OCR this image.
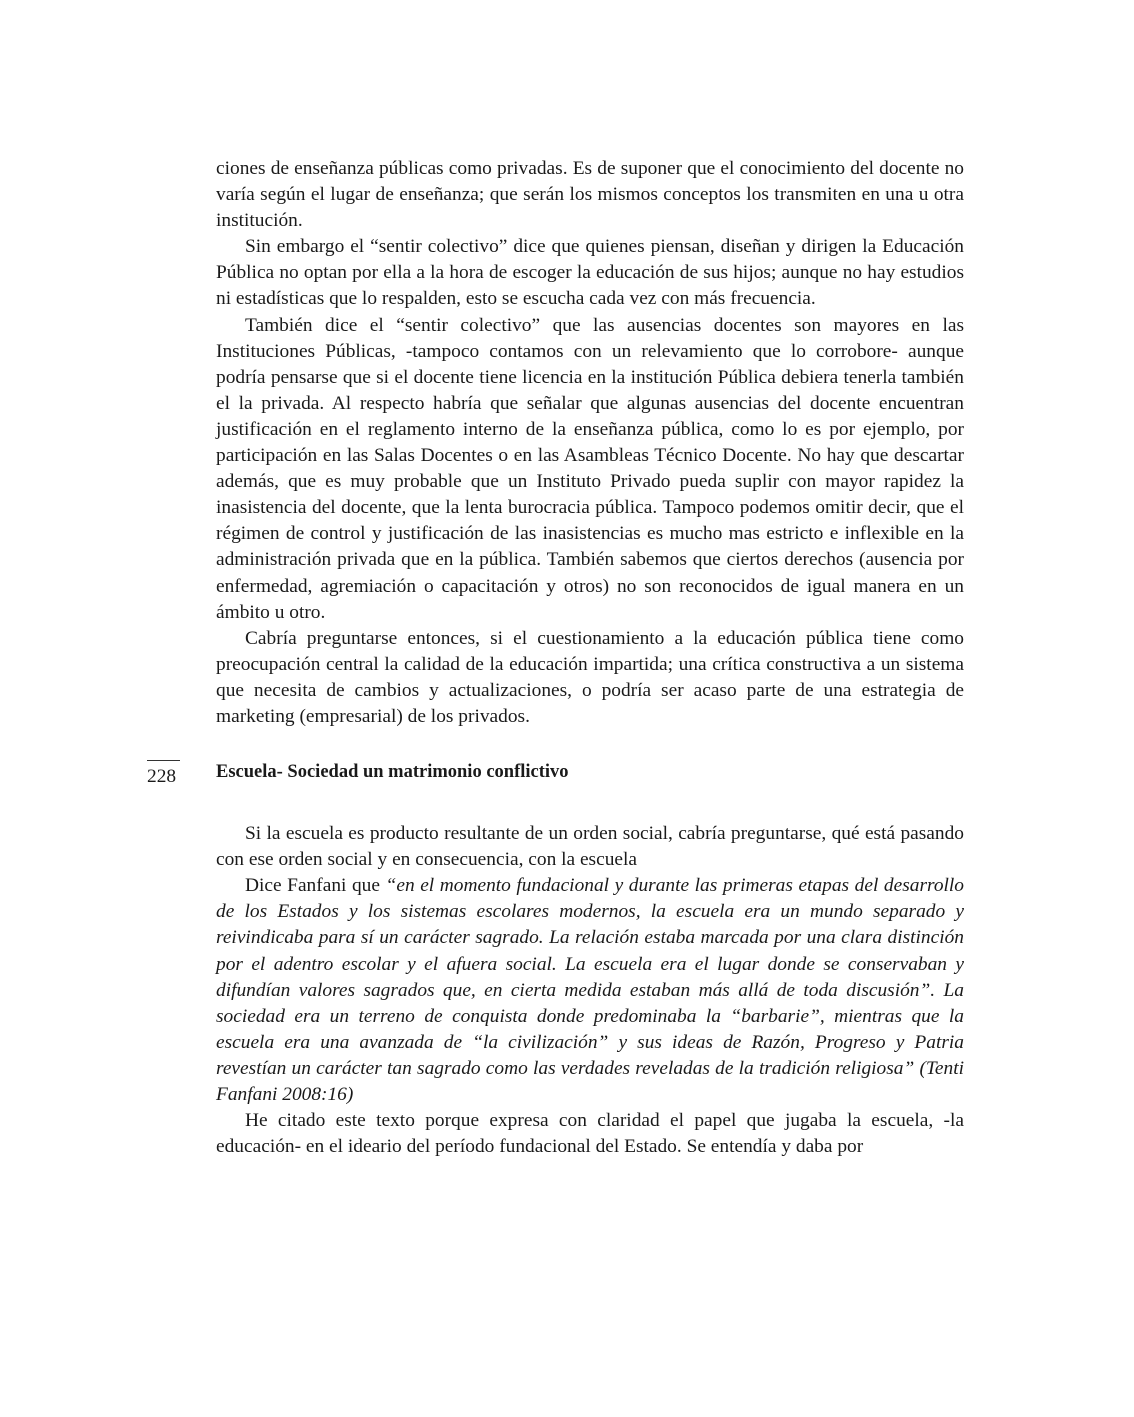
ciones de enseñanza públicas como privadas. Es de suponer que el conocimiento del docente no varía según el lugar de enseñanza; que serán los mismos conceptos los transmiten en una u otra institución.

Sin embargo el “sentir colectivo” dice que quienes piensan, diseñan y dirigen la Educación Pública no optan por ella a la hora de escoger la educación de sus hijos; aunque no hay estudios ni estadísticas que lo respalden, esto se escucha cada vez con más frecuencia.

También dice el “sentir colectivo” que las ausencias docentes son mayores en las Instituciones Públicas, -tampoco contamos con un relevamiento que lo corrobore- aunque podría pensarse que si el docente tiene licencia en la institución Pública debiera tenerla también el la privada. Al respecto habría que señalar que algunas ausencias del docente encuentran justificación en el reglamento interno de la enseñanza pública, como lo es por ejemplo, por participación en las Salas Docentes o en las Asambleas Técnico Docente. No hay que descartar además, que es muy probable que un Instituto Privado pueda suplir con mayor rapidez la inasistencia del docente, que la lenta burocracia pública. Tampoco podemos omitir decir, que el régimen de control y justificación de las inasistencias es mucho mas estricto e inflexible en la administración privada que en la pública. También sabemos que ciertos derechos (ausencia por enfermedad, agremiación o capacitación y otros) no son reconocidos de igual manera en un ámbito u otro.

Cabría preguntarse entonces, si el cuestionamiento a la educación pública tiene como preocupación central la calidad de la educación impartida; una crítica constructiva a un sistema que necesita de cambios y actualizaciones, o podría ser acaso parte de una estrategia de marketing (empresarial) de los privados.

Escuela- Sociedad un matrimonio conflictivo

Si la escuela es producto resultante de un orden social, cabría preguntarse, qué está pasando con ese orden social y en consecuencia, con la escuela

Dice Fanfani que “en el momento fundacional y durante las primeras etapas del desarrollo de los Estados y los sistemas escolares modernos, la escuela era un mundo separado y reivindicaba para sí un carácter sagrado. La relación estaba marcada por una clara distinción por el adentro escolar y el afuera social. La escuela era el lugar donde se conservaban y difundían valores sagrados que, en cierta medida estaban más allá de toda discusión”. La sociedad era un terreno de conquista donde predominaba la “barbarie”, mientras que la escuela era una avanzada de “la civilización” y sus ideas de Razón, Progreso y Patria revestían un carácter tan sagrado como las verdades reveladas de la tradición religiosa” (Tenti Fanfani 2008:16)

He citado este texto porque expresa con claridad el papel que jugaba la escuela, -la educación- en el ideario del período fundacional del Estado. Se entendía y daba por

228
